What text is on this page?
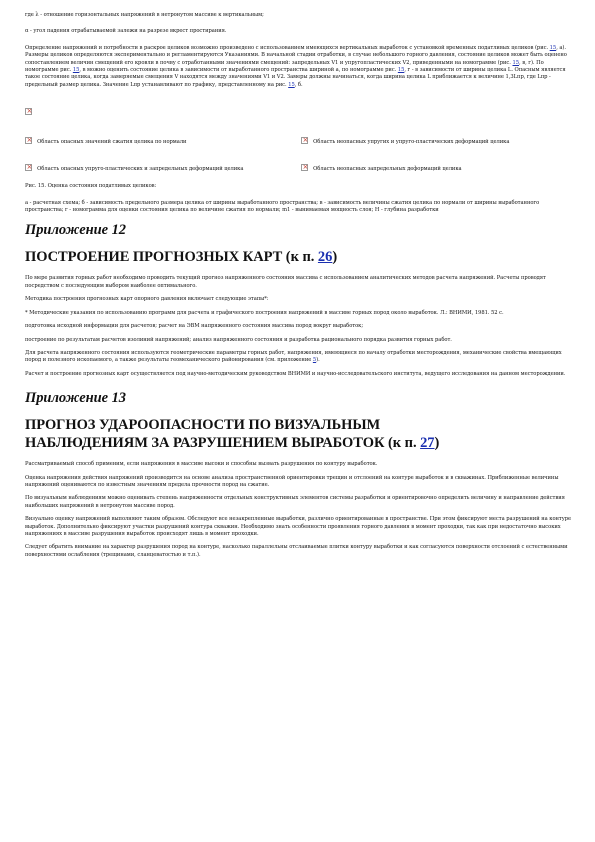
где λ - отношение горизонтальных напряжений в нетронутом массиве к вертикальным;

α - угол падения отрабатываемой залежи на разрезе вкрест простирания.

Определение напряжений и потребности в раскрое целиков возможно произведено с использованием имеющихся вертикальных выработок с установкой временных податливых целиков (рис. 15, а). Размеры целиков определяются экспериментально и регламентируются Указаниями. В начальной стадии отработки, в случае небольшого горного давления, состояние целиков может быть оценено сопоставлением величин смещений его кровли в почву с отработанными значениями смещений: запредельных V1 и упругопластических V2, приведенными на номограмме (рис. 15, в, г). По номограмме рис. 15, в можно оценить состояние целика в зависимости от выработанного пространства шириной а, по номограмме рис. 15, г - в зависимости от ширины целика L. Опасным является такое состояние целика, когда замеряемые смещения V находятся между значениями V1 и V2. Замеры должны начинаться, когда ширина целика L приближается к величине 1,3Lпр, где Lпр - предельный размер целика. Значение Lпр устанавливают по графику, представленному на рис. 15, б.

×
×

Область опасных значений сжатия целика по нормали ×	Область неопасных упругих и упруго-пластических деформаций целика

×

Область опасных упруго-пластических и запредельных деформаций целика ×	Область неопасных запредельных деформаций целика

Рис. 15. Оценка состояния податливых целиков:

а - расчетная схема; б - зависимость предельного размера целика от ширины выработанного пространства; в - зависимость величины сжатия целика по нормали от ширины выработанного пространства; г - номограмма для оценки состояния целика по величине сжатия по нормали; m1 - вынимаемая мощность слоя; H - глубина разработки

Приложение 12

ПОСТРОЕНИЕ ПРОГНОЗНЫХ КАРТ (к п. 26)

По мере развития горных работ необходимо проводить текущий прогноз напряженного состояния массива с использованием аналитических методов расчета напряжений. Расчеты проводят посредством с последующим выбором наиболее оптимального.

Методика построения прогнозных карт опорного давления включает следующие этапы*:

* Методические указания по использованию программ для расчета и графического построения напряжений в массиве горных пород около выработок. Л.: ВНИМИ, 1981. 52 с.

подготовка исходной информации для расчетов; расчет на ЭВМ напряженного состояния массива пород вокруг выработок;

построение по результатам расчетов изолиний напряжений; анализ напряженного состояния и разработка рационального порядка развития горных работ.

Для расчета напряженного состояния используются геометрические параметры горных работ, напряжения, имеющиеся по началу отработки месторождения, механические свойства вмещающих пород и полезного ископаемого, а также результаты геомеханического районирования (см. приложение 5).

Расчет и построение прогнозных карт осуществляется под научно-методическим руководством ВНИМИ и научно-исследовательского института, ведущего исследования на данном месторождении.

Приложение 13

ПРОГНОЗ УДАРООПАСНОСТИ ПО ВИЗУАЛЬНЫМ
НАБЛЮДЕНИЯМ ЗА РАЗРУШЕНИЕМ ВЫРАБОТОК (к п. 27)

Рассматриваемый способ применим, если напряжения в массиве высоки и способны вызвать разрушения по контуру выработок.

Оценка напряжения действия напряжений производится на основе анализа пространственной ориентировки трещин и отслоений на контуре выработок и в скважинах. Приближенные величины напряжений оцениваются по известным значениям предела прочности пород на сжатие.

По визуальным наблюдениям можно оценивать степень напряженности отдельных конструктивных элементов системы разработки и ориентировочно определить величину и направление действия наибольших напряжений в нетронутом массиве пород.

Визуально оценку напряжений выполняют таким образом. Обследуют все незакрепленные выработки, различно ориентированные в пространстве. При этом фиксируют места разрушений на контуре выработок. Дополнительно фиксируют участки разрушений контура скважин. Необходимо знать особенности проявления горного давления в момент проходки, так как при недостаточно высоких напряжениях в массиве разрушения выработок происходят лишь в момент проходки.

Следует обратить внимание на характер разрушения пород на контуре, насколько параллельны отслаиваемые плитки контуру выработки и как согласуются поверхности отслоений с естественными поверхностями ослабления (трещинами, сланцеватостью и т.п.).
